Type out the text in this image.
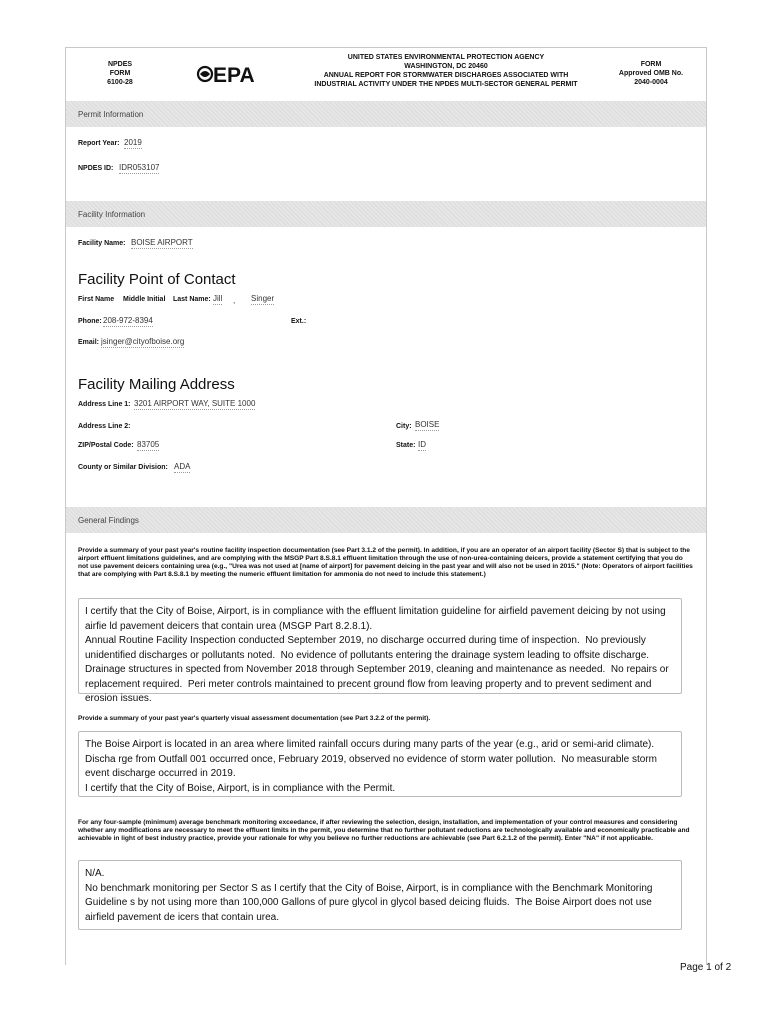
NPDES
FORM
6100-28	EPA
UNITED STATES ENVIRONMENTAL PROTECTION AGENCY
WASHINGTON, DC 20460
ANNUAL REPORT FOR STORMWATER DISCHARGES ASSOCIATED WITH
INDUSTRIAL ACTIVITY UNDER THE NPDES MULTI-SECTOR GENERAL PERMIT
FORM
Approved OMB No.
2040-0004
Permit Information
Report Year: 2019
NPDES ID: IDR053107
Facility Information
Facility Name: BOISE AIRPORT
Facility Point of Contact
First Name Middle Initial Last Name: Jill , Singer
Phone: 208-972-8394	Ext.:
Email: jsinger@cityofboise.org
Facility Mailing Address
Address Line 1: 3201 AIRPORT WAY, SUITE 1000
Address Line 2:	City: BOISE
ZIP/Postal Code: 83705	State: ID
County or Similar Division: ADA
General Findings
Provide a summary of your past year's routine facility inspection documentation (see Part 3.1.2 of the permit). In addition, if you are an operator of an airport facility (Sector S) that is subject to the airport effluent limitations guidelines, and are complying with the MSGP Part 8.S.8.1 effluent limitation through the use of non-urea-containing deicers, provide a statement certifying that you do not use pavement deicers containing urea (e.g., "Urea was not used at [name of airport] for pavement deicing in the past year and will also not be used in 2015." (Note: Operators of airport facilities that are complying with Part 8.S.8.1 by meeting the numeric effluent limitation for ammonia do not need to include this statement.)

I certify that the City of Boise, Airport, is in compliance with the effluent limitation guideline for airfield pavement deicing by not using airfie ld pavement deicers that contain urea (MSGP Part 8.2.8.1).
Annual Routine Facility Inspection conducted September 2019, no discharge occurred during time of inspection.  No previously unidentified discharges or pollutants noted.  No evidence of pollutants entering the drainage system leading to offsite discharge.  Drainage structures in spected from November 2018 through September 2019, cleaning and maintenance as needed.  No repairs or replacement required.  Peri meter controls maintained to precent ground flow from leaving property and to prevent sediment and erosion issues.

Provide a summary of your past year's quarterly visual assessment documentation (see Part 3.2.2 of the permit).

The Boise Airport is located in an area where limited rainfall occurs during many parts of the year (e.g., arid or semi-arid climate).  Discha rge from Outfall 001 occurred once, February 2019, observed no evidence of storm water pollution.  No measurable storm event discharge occurred in 2019.
I certify that the City of Boise, Airport, is in compliance with the Permit.

For any four-sample (minimum) average benchmark monitoring exceedance, if after reviewing the selection, design, installation, and implementation of your control measures and considering whether any modifications are necessary to meet the effluent limits in the permit, you determine that no further pollutant reductions are technologically available and economically practicable and achievable in light of best industry practice, provide your rationale for why you believe no further reductions are achievable (see Part 6.2.1.2 of the permit). Enter "NA" if not applicable.

N/A.
No benchmark monitoring per Sector S as I certify that the City of Boise, Airport, is in compliance with the Benchmark Monitoring Guideline s by not using more than 100,000 Gallons of pure glycol in glycol based deicing fluids.  The Boise Airport does not use airfield pavement de icers that contain urea.

Page 1 of 2
